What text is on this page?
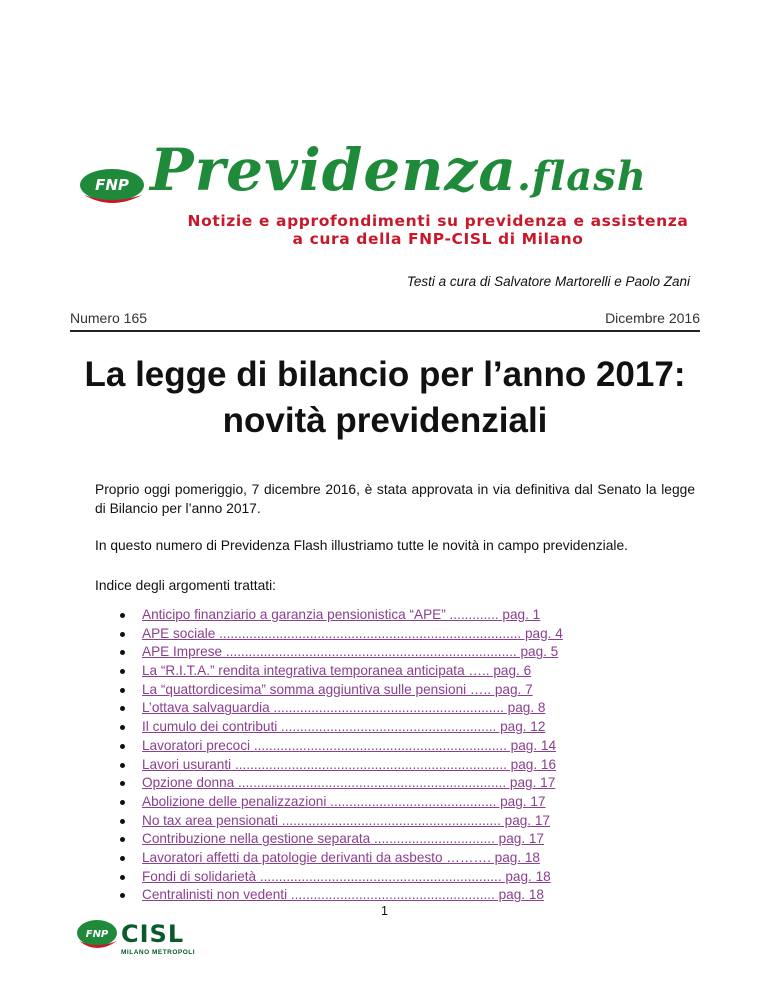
FNP Previdenza.flash
Notizie e approfondimenti su previdenza e assistenza
a cura della FNP-CISL di Milano
Testi a cura di Salvatore Martorelli e Paolo Zani
Numero 165	Dicembre 2016
La legge di bilancio per l’anno 2017:
novità previdenziali
Proprio oggi pomeriggio, 7 dicembre 2016, è stata approvata in via definitiva dal Senato la legge di Bilancio per l’anno 2017.
In questo numero di Previdenza Flash illustriamo tutte le novità in campo previdenziale.
Indice degli argomenti trattati:
Anticipo finanziario a garanzia pensionistica “APE” ............. pag. 1
APE sociale ................................................................................ pag. 4
APE Imprese ............................................................................. pag. 5
La “R.I.T.A.” rendita integrativa temporanea anticipata ….. pag. 6
La “quattordicesima” somma aggiuntiva sulle pensioni ….. pag. 7
L’ottava salvaguardia ............................................................. pag. 8
Il cumulo dei contributi ......................................................... pag. 12
Lavoratori precoci ................................................................... pag. 14
Lavori usuranti ........................................................................ pag. 16
Opzione donna ....................................................................... pag. 17
Abolizione delle penalizzazioni ............................................ pag. 17
No tax area pensionati .......................................................... pag. 17
Contribuzione nella gestione separata ................................ pag. 17
Lavoratori affetti da patologie derivanti da asbesto ………. pag. 18
Fondi di solidarietà ................................................................ pag. 18
Centralinisti non vedenti ...................................................... pag. 18
1
FNP CISL
MILANO METROPOLI
